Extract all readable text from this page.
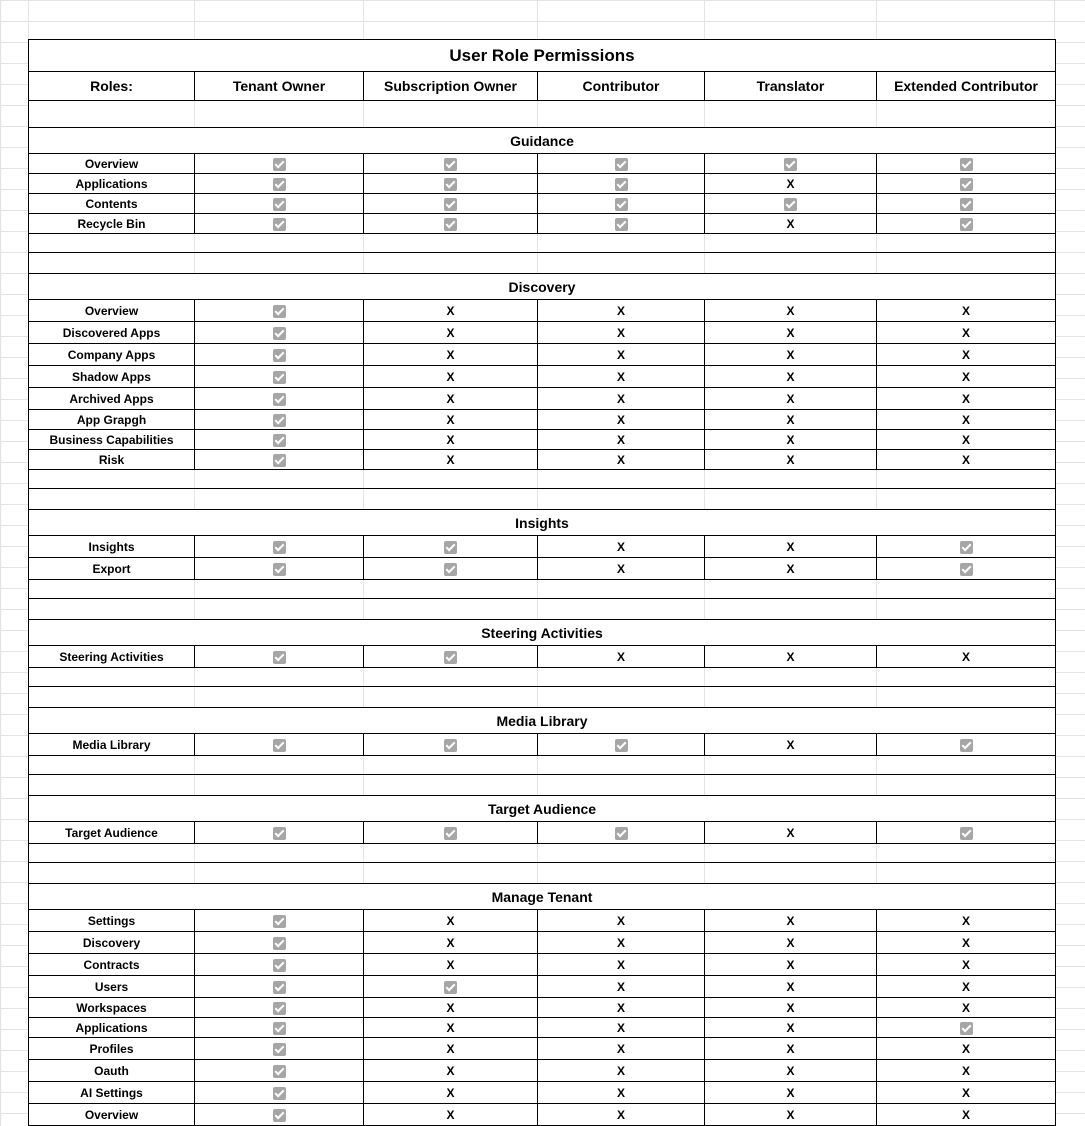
User Role Permissions					
Roles:	Tenant Owner	Subscription Owner	Contributor	Translator	Extended Contributor

Guidance					
Overview					
Applications				X	
Contents					
Recycle Bin				X	

Discovery					
Overview		X	X	X	X
Discovered Apps		X	X	X	X
Company Apps		X	X	X	X
Shadow Apps		X	X	X	X
Archived Apps		X	X	X	X
App Grapgh		X	X	X	X
Business Capabilities		X	X	X	X
Risk		X	X	X	X

Insights					
Insights			X	X	
Export			X	X	

Steering Activities					
Steering Activities			X	X	X

Media Library					
Media Library				X	

Target Audience					
Target Audience				X	

Manage Tenant					
Settings		X	X	X	X
Discovery		X	X	X	X
Contracts		X	X	X	X
Users			X	X	X
Workspaces		X	X	X	X
Applications		X	X	X	
Profiles		X	X	X	X
Oauth		X	X	X	X
AI Settings		X	X	X	X
Overview		X	X	X	X
